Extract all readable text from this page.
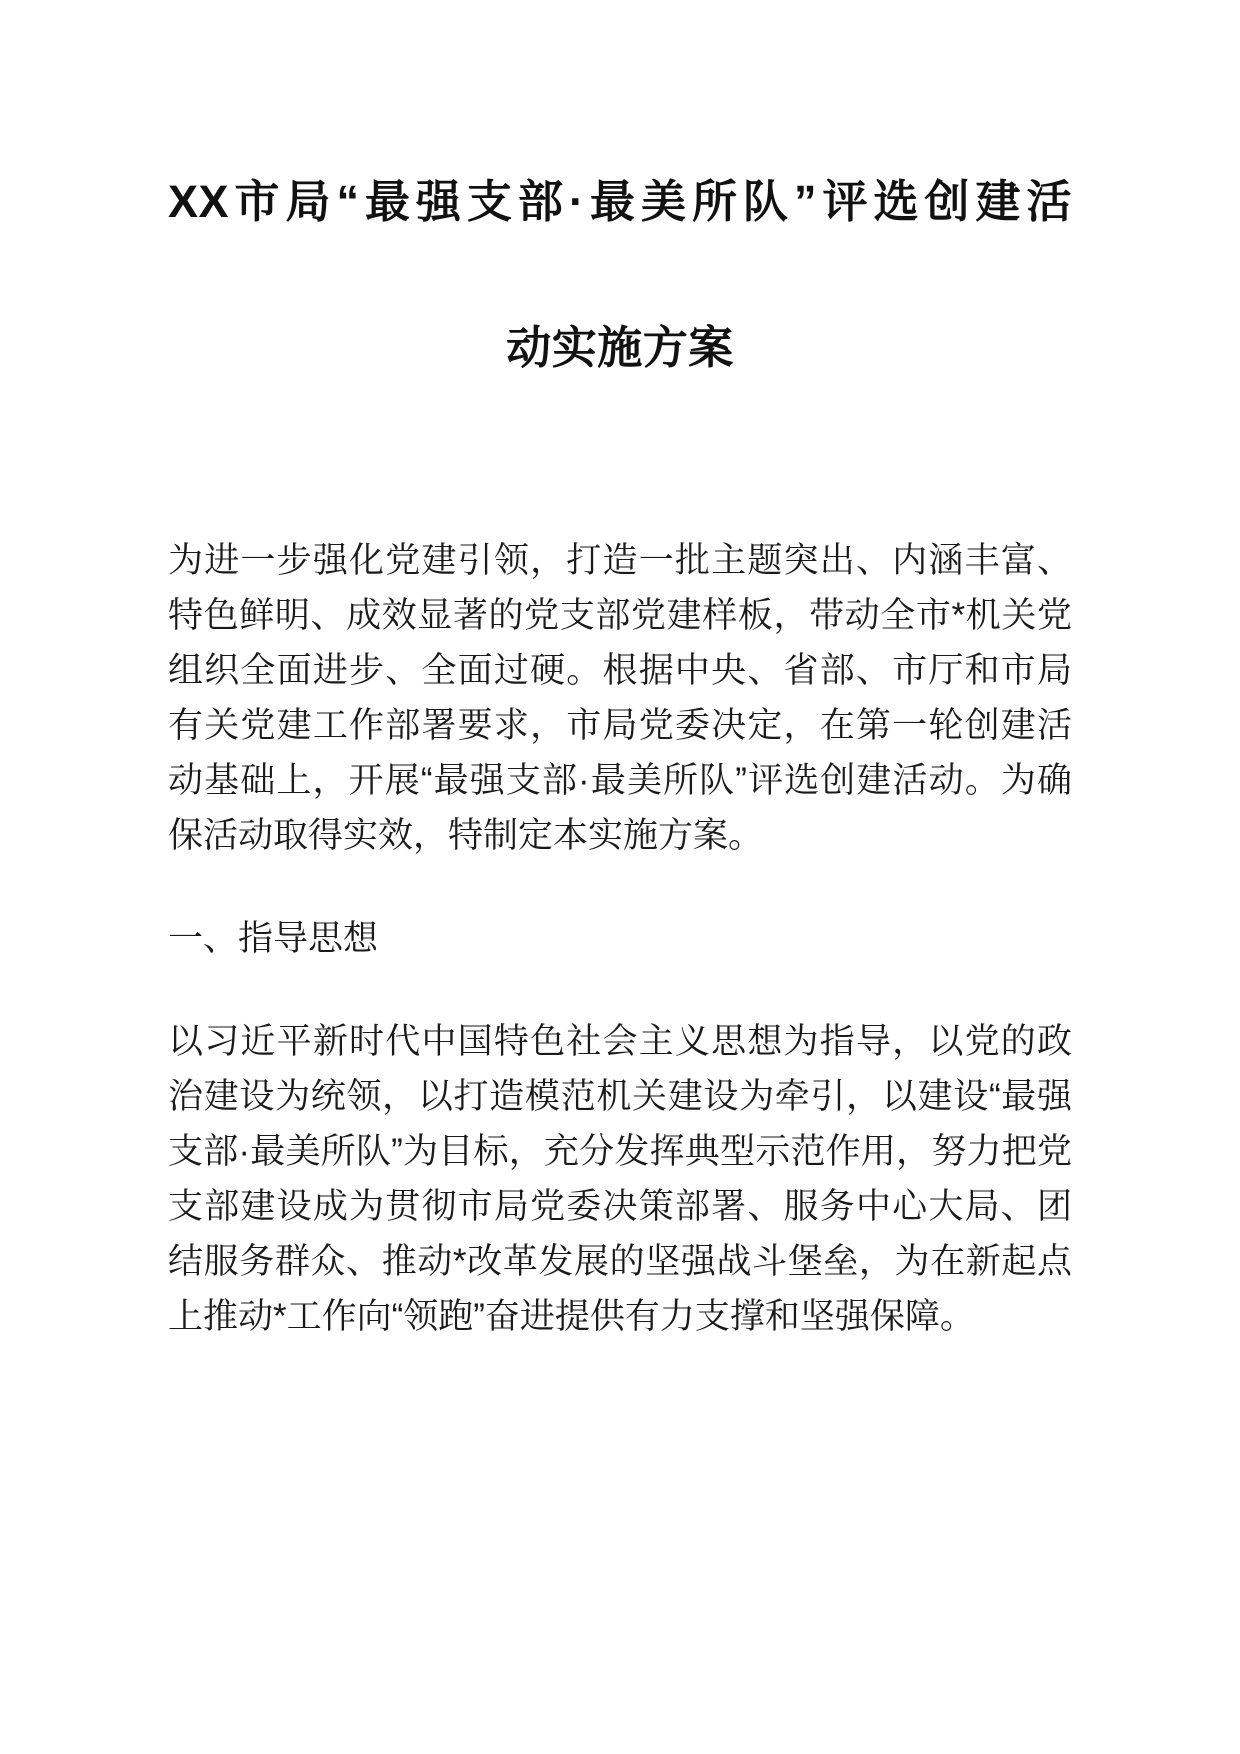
XX市局“最强支部·最美所队”评选创建活
动实施方案

为进一步强化党建引领，打造一批主题突出、内涵丰富、特色鲜明、成效显著的党支部党建样板，带动全市*机关党组织全面进步、全面过硬。根据中央、省部、市厅和市局有关党建工作部署要求，市局党委决定，在第一轮创建活动基础上，开展“最强支部·最美所队”评选创建活动。为确保活动取得实效，特制定本实施方案。

一、指导思想

以习近平新时代中国特色社会主义思想为指导，以党的政治建设为统领，以打造模范机关建设为牵引，以建设“最强支部·最美所队”为目标，充分发挥典型示范作用，努力把党支部建设成为贯彻市局党委决策部署、服务中心大局、团结服务群众、推动*改革发展的坚强战斗堡垒，为在新起点上推动*工作向“领跑”奋进提供有力支撑和坚强保障。
